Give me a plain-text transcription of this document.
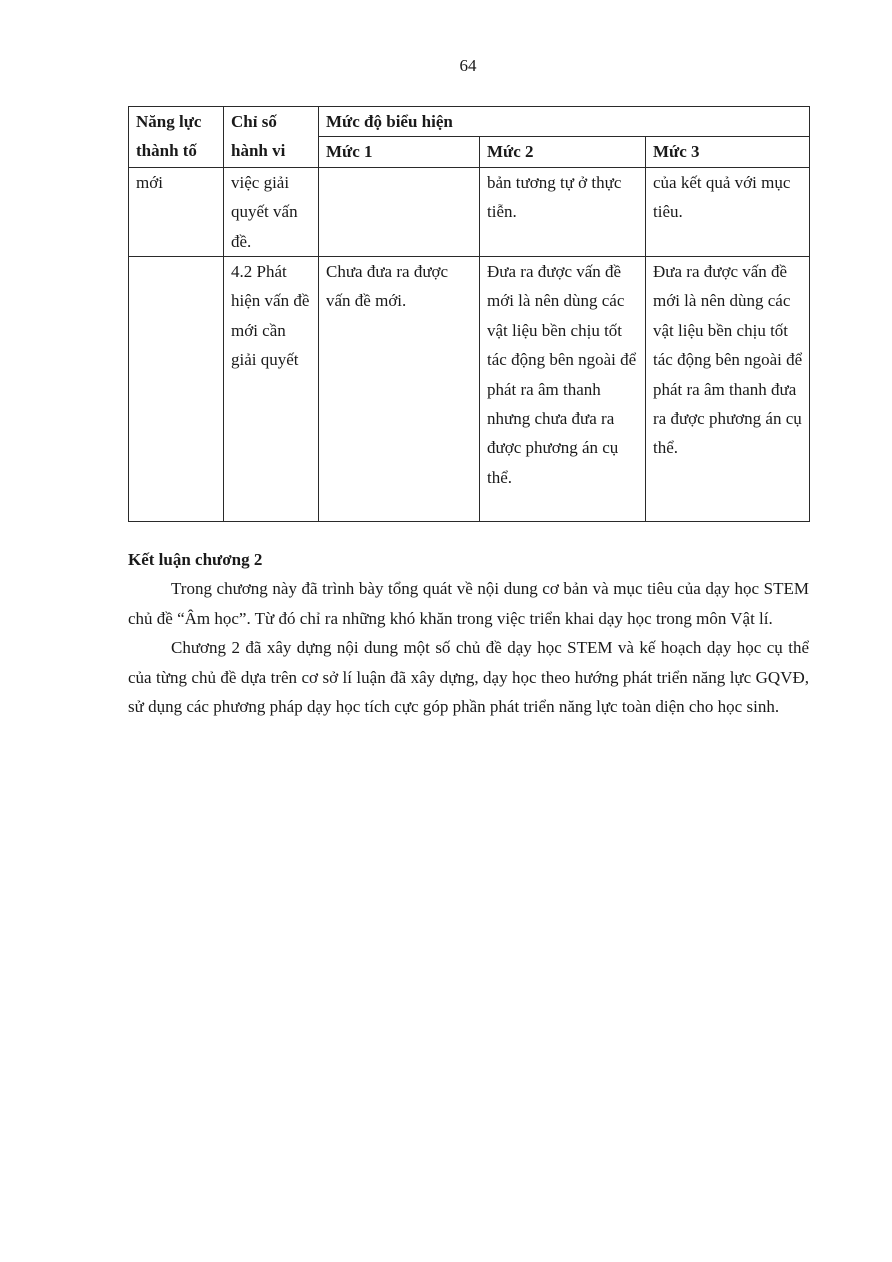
64
Năng lực thành tố	Chỉ số hành vi	Mức độ biểu hiện		
		Mức 1	Mức 2	Mức 3
mới	việc giải quyết vấn đề.		bản tương tự ở thực tiễn.	của kết quả với mục tiêu.
	4.2 Phát hiện vấn đề mới cần giải quyết	Chưa đưa ra được vấn đề mới.	Đưa ra được vấn đề mới là nên dùng các vật liệu bền chịu tốt tác động bên ngoài để phát ra âm thanh nhưng chưa đưa ra được phương án cụ thể.	Đưa ra được vấn đề mới là nên dùng các vật liệu bền chịu tốt tác động bên ngoài để phát ra âm thanh đưa ra được phương án cụ thể.
Kết luận chương 2

Trong chương này đã trình bày tổng quát về nội dung cơ bản và mục tiêu của dạy học STEM chủ đề “Âm học”. Từ đó chỉ ra những khó khăn trong việc triển khai dạy học trong môn Vật lí.

Chương 2 đã xây dựng nội dung một số chủ đề dạy học STEM và kế hoạch dạy học cụ thể của từng chủ đề dựa trên cơ sở lí luận đã xây dựng, dạy học theo hướng phát triển năng lực GQVĐ, sử dụng các phương pháp dạy học tích cực góp phần phát triển năng lực toàn diện cho học sinh.
